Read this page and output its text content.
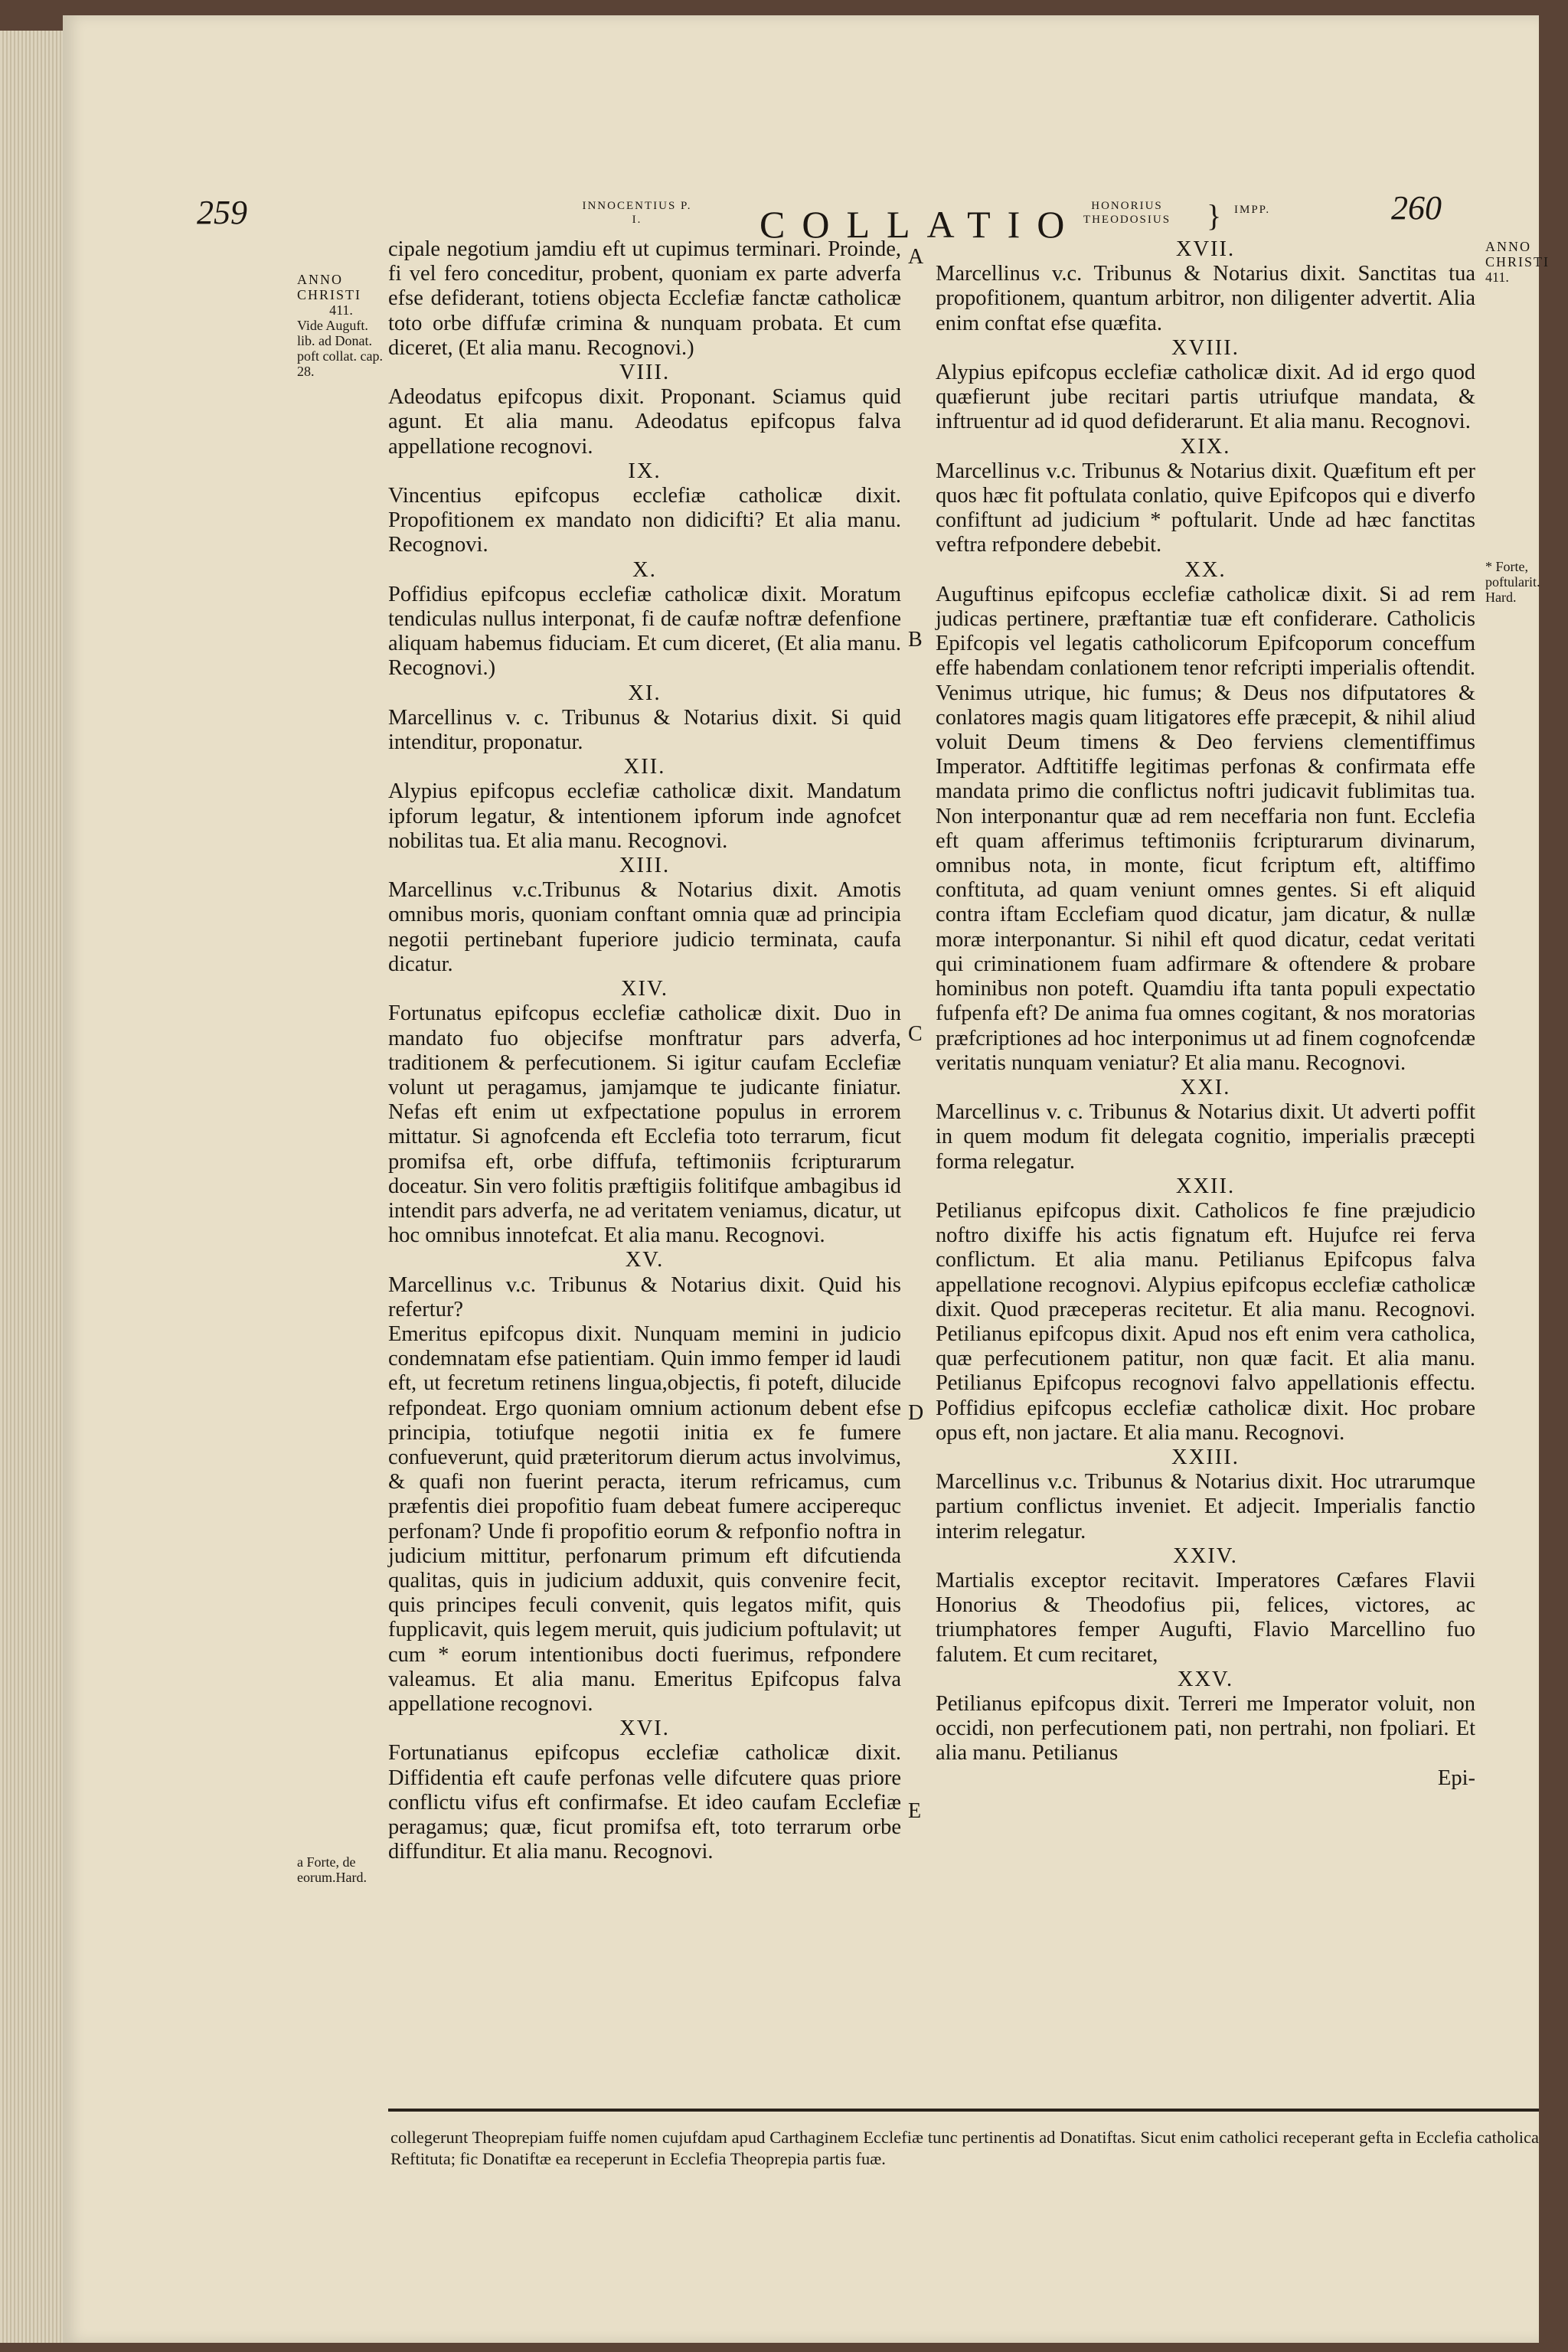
259	INNOCENTIUS P. I.	COLLATIO HONORIUS THEODOSIUS	} IMPP.	260
ANNO CHRISTI
411.
Vide Auguft. lib. ad Donat. poft collat. cap. 28.
a Forte, de eorum.Hard.
ANNO CHRISTI
411.
* Forte, poftularit. Hard.
A
B
C
D
E

cipale negotium jamdiu eft ut cupimus terminari. Proinde, fi vel fero conceditur, probent, quoniam ex parte adverfa efse defiderant, totiens objecta Ecclefiæ fanctæ catholicæ toto orbe diffufæ crimina & nunquam probata. Et cum diceret, (Et alia manu. Recognovi.)

VIII.

Adeodatus epifcopus dixit. Proponant. Sciamus quid agunt. Et alia manu. Adeodatus epifcopus falva appellatione recognovi.

IX.

Vincentius epifcopus ecclefiæ catholicæ dixit. Propofitionem ex mandato non didicifti? Et alia manu. Recognovi.

X.

Poffidius epifcopus ecclefiæ catholicæ dixit. Moratum tendiculas nullus interponat, fi de caufæ noftræ defenfione aliquam habemus fiduciam. Et cum diceret, (Et alia manu. Recognovi.)

XI.

Marcellinus v. c. Tribunus & Notarius dixit. Si quid intenditur, proponatur.

XII.

Alypius epifcopus ecclefiæ catholicæ dixit. Mandatum ipforum legatur, & intentionem ipforum inde agnofcet nobilitas tua. Et alia manu. Recognovi.

XIII.

Marcellinus v.c.Tribunus & Notarius dixit. Amotis omnibus moris, quoniam conftant omnia quæ ad principia negotii pertinebant fuperiore judicio terminata, caufa dicatur.

XIV.

Fortunatus epifcopus ecclefiæ catholicæ dixit. Duo in mandato fuo objecifse monftratur pars adverfa, traditionem & perfecutionem. Si igitur caufam Ecclefiæ volunt ut peragamus, jamjamque te judicante finiatur. Nefas eft enim ut exfpectatione populus in errorem mittatur. Si agnofcenda eft Ecclefia toto terrarum, ficut promifsa eft, orbe diffufa, teftimoniis fcripturarum doceatur. Sin vero folitis præftigiis folitifque ambagibus id intendit pars adverfa, ne ad veritatem veniamus, dicatur, ut hoc omnibus innotefcat. Et alia manu. Recognovi.

XV.

Marcellinus v.c. Tribunus & Notarius dixit. Quid his refertur?

Emeritus epifcopus dixit. Nunquam memini in judicio condemnatam efse patientiam. Quin immo femper id laudi eft, ut fecretum retinens lingua,objectis, fi poteft, dilucide refpondeat. Ergo quoniam omnium actionum debent efse principia, totiufque negotii initia ex fe fumere confueverunt, quid præteritorum dierum actus involvimus, & quafi non fuerint peracta, iterum refricamus, cum præfentis diei propofitio fuam debeat fumere acciperequc perfonam? Unde fi propofitio eorum & refponfio noftra in judicium mittitur, perfonarum primum eft difcutienda qualitas, quis in judicium adduxit, quis convenire fecit, quis principes feculi convenit, quis legatos mifit, quis fupplicavit, quis legem meruit, quis judicium poftulavit; ut cum * eorum intentionibus docti fuerimus, refpondere valeamus. Et alia manu. Emeritus Epifcopus falva appellatione recognovi.

XVI.

Fortunatianus epifcopus ecclefiæ catholicæ dixit. Diffidentia eft caufe perfonas velle difcutere quas priore conflictu vifus eft confirmafse. Et ideo caufam Ecclefiæ peragamus; quæ, ficut promifsa eft, toto terrarum orbe diffunditur. Et alia manu. Recognovi.

XVII.

Marcellinus v.c. Tribunus & Notarius dixit. Sanctitas tua propofitionem, quantum arbitror, non diligenter advertit. Alia enim conftat efse quæfita.

XVIII.

Alypius epifcopus ecclefiæ catholicæ dixit. Ad id ergo quod quæfierunt jube recitari partis utriufque mandata, & inftruentur ad id quod defiderarunt. Et alia manu. Recognovi.

XIX.

Marcellinus v.c. Tribunus & Notarius dixit. Quæfitum eft per quos hæc fit poftulata conlatio, quive Epifcopos qui e diverfo confiftunt ad judicium * poftularit. Unde ad hæc fanctitas veftra refpondere debebit.

XX.

Auguftinus epifcopus ecclefiæ catholicæ dixit. Si ad rem judicas pertinere, præftantiæ tuæ eft confiderare. Catholicis Epifcopis vel legatis catholicorum Epifcoporum conceffum effe habendam conlationem tenor refcripti imperialis oftendit. Venimus utrique, hic fumus; & Deus nos difputatores & conlatores magis quam litigatores effe præcepit, & nihil aliud voluit Deum timens & Deo ferviens clementiffimus Imperator. Adftitiffe legitimas perfonas & confirmata effe mandata primo die conflictus noftri judicavit fublimitas tua. Non interponantur quæ ad rem neceffaria non funt. Ecclefia eft quam afferimus teftimoniis fcripturarum divinarum, omnibus nota, in monte, ficut fcriptum eft, altiffimo conftituta, ad quam veniunt omnes gentes. Si eft aliquid contra iftam Ecclefiam quod dicatur, jam dicatur, & nullæ moræ interponantur. Si nihil eft quod dicatur, cedat veritati qui criminationem fuam adfirmare & oftendere & probare hominibus non poteft. Quamdiu ifta tanta populi expectatio fufpenfa eft? De anima fua omnes cogitant, & nos moratorias præfcriptiones ad hoc interponimus ut ad finem cognofcendæ veritatis nunquam veniatur? Et alia manu. Recognovi.

XXI.

Marcellinus v. c. Tribunus & Notarius dixit. Ut adverti poffit in quem modum fit delegata cognitio, imperialis præcepti forma relegatur.

XXII.

Petilianus epifcopus dixit. Catholicos fe fine præjudicio noftro dixiffe his actis fignatum eft. Hujufce rei ferva conflictum. Et alia manu. Petilianus Epifcopus falva appellatione recognovi. Alypius epifcopus ecclefiæ catholicæ dixit. Quod præceperas recitetur. Et alia manu. Recognovi. Petilianus epifcopus dixit. Apud nos eft enim vera catholica, quæ perfecutionem patitur, non quæ facit. Et alia manu. Petilianus Epifcopus recognovi falvo appellationis effectu. Poffidius epifcopus ecclefiæ catholicæ dixit. Hoc probare opus eft, non jactare. Et alia manu. Recognovi.

XXIII.

Marcellinus v.c. Tribunus & Notarius dixit. Hoc utrarumque partium conflictus inveniet. Et adjecit. Imperialis fanctio interim relegatur.

XXIV.

Martialis exceptor recitavit. Imperatores Cæfares Flavii Honorius & Theodofius pii, felices, victores, ac triumphatores femper Augufti, Flavio Marcellino fuo falutem. Et cum recitaret,

XXV.

Petilianus epifcopus dixit. Terreri me Imperator voluit, non occidi, non perfecutionem pati, non pertrahi, non fpoliari. Et alia manu. Petilianus

Epi-

collegerunt Theoprepiam fuiffe nomen cujufdam apud Carthaginem Ecclefiæ tunc pertinentis ad Donatiftas. Sicut enim catholici receperant gefta in Ecclefia catholica Reftituta; fic Donatiftæ ea receperunt in Ecclefia Theoprepia partis fuæ.
